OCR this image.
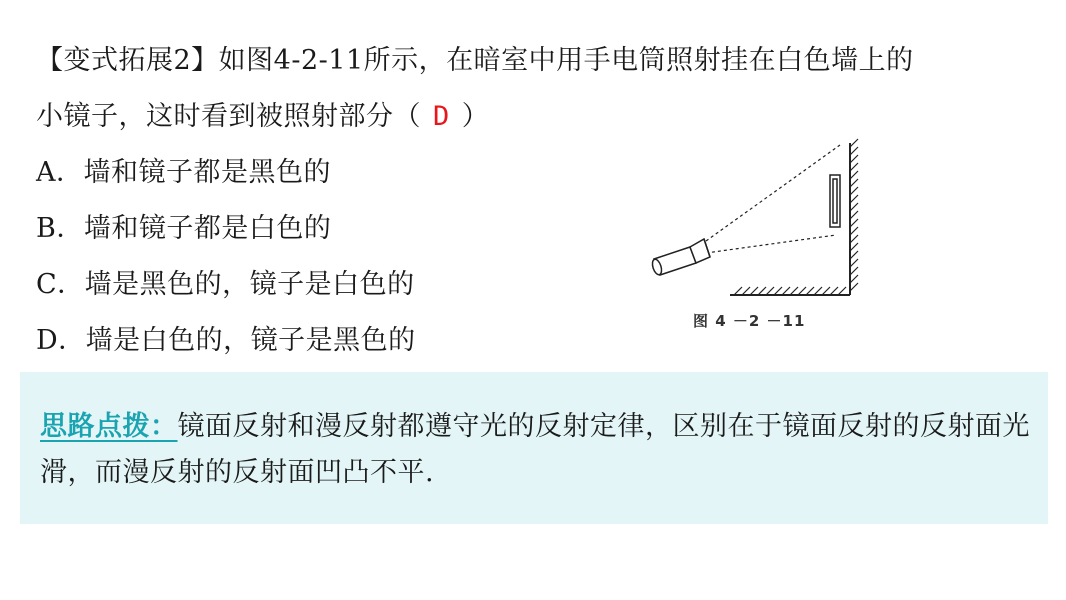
【变式拓展2】如图4-2-11所示，在暗室中用手电筒照射挂在白色墙上的
小镜子，这时看到被照射部分（ D ）
A．墙和镜子都是黑色的
B．墙和镜子都是白色的
C．墙是黑色的，镜子是白色的
D．墙是白色的，镜子是黑色的
图 4 －2 －11
思路点拨：镜面反射和漫反射都遵守光的反射定律，区别在于镜面反射的反射面光滑，而漫反射的反射面凹凸不平.
